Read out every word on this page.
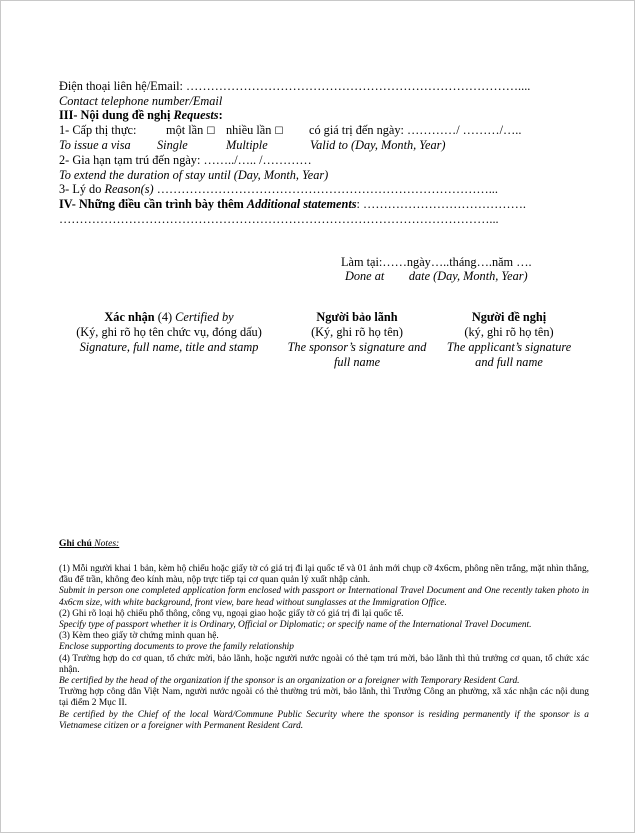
Điện thoại liên hệ/Email: ………………………………………………………………………....
Contact telephone number/Email
III- Nội dung đề nghị Requests:
1- Cấp thị thực: một lần ☐ nhiều lần ☐ có giá trị đến ngày: …………/ ………/…..
To issue a visa Single	Multiple	Valid to (Day, Month, Year)
2- Gia hạn tạm trú đến ngày: ……../….. /…………
To extend the duration of stay until (Day, Month, Year)
3- Lý do Reason(s) ………………………………………………………………………...
IV- Những điều cần trình bày thêm Additional statements: ………………………………….
……………………………………………………………………………………………...
Làm tại:……ngày…..tháng….năm ….
Done at        date (Day, Month, Year)
Xác nhận (4) Certified by
(Ký, ghi rõ họ tên chức vụ, đóng dấu)
Signature, full name, title and stamp
Người bảo lãnh
(Ký, ghi rõ họ tên)
The sponsor’s signature and
full name
Người đề nghị
(ký, ghi rõ họ tên)
The applicant’s signature
and full name
Ghi chú Notes:

(1) Mỗi người khai 1 bản, kèm hộ chiếu hoặc giấy tờ có giá trị đi lại quốc tế và 01 ảnh mới chụp cỡ 4x6cm, phông nền trắng, mặt nhìn thẳng, đầu để trần, không đeo kính màu, nộp trực tiếp tại cơ quan quản lý xuất nhập cảnh.

Submit in person one completed application form enclosed with passport or International Travel Document and One recently taken photo in 4x6cm size, with white background, front view, bare head without sunglasses at the Immigration Office.

(2) Ghi rõ loại hộ chiếu phổ thông, công vụ, ngoại giao hoặc giấy tờ có giá trị đi lại quốc tế.

Specify type of passport whether it is Ordinary, Official or Diplomatic; or specify name of the International Travel Document.

(3) Kèm theo giấy tờ chứng minh quan hệ.

Enclose supporting documents to prove the family relationship

(4) Trường hợp do cơ quan, tổ chức mời, bảo lãnh, hoặc người nước ngoài có thẻ tạm trú mời, bảo lãnh thì thủ trưởng cơ quan, tổ chức xác nhận.

Be certified by the head of the organization if the sponsor is an organization or a foreigner with Temporary Resident Card.

Trường hợp công dân Việt Nam, người nước ngoài có thẻ thường trú mời, bảo lãnh, thì Trưởng Công an phường, xã xác nhận các nội dung tại điểm 2 Mục II.

Be certified by the Chief of the local Ward/Commune Public Security where the sponsor is residing permanently if the sponsor is a Vietnamese citizen or a foreigner with Permanent Resident Card.
